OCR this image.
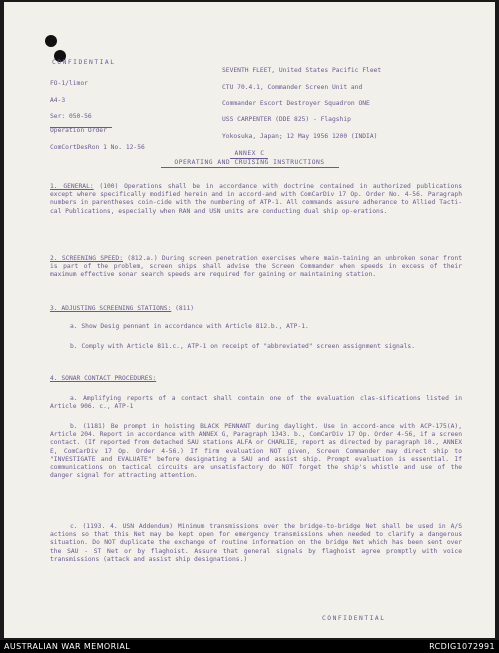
CONFIDENTIAL

FO-1/limor

A4-3

Ser: 050-56

SEVENTH FLEET, United States Pacific Fleet

CTU 70.4.1, Commander Screen Unit and

Commander Escort Destroyer Squadron ONE

USS CARPENTER (DDE 825) - Flagship

Yokosuka, Japan; 12 May 1956 1200 (INDIA)

Operation Order

ComCortDesRon 1 No. 12-56

ANNEX C
OPERATING AND CRUISING INSTRUCTIONS
1. GENERAL: (100) Operations shall be in accordance with doctrine contained in authorized publications except where specifically modified herein and in accord-and with ComCarDiv 17 Op. Order No. 4-56. Paragraph numbers in parentheses coin-cide with the numbering of ATP-1. All commands assure adherance to Allied Tacti-cal Publications, especially when RAN and USN units are conducting dual ship op-erations.
2. SCREENING SPEED: (812.a.) During screen penetration exercises where main-taining an unbroken sonar front is part of the problem, screen ships shall advise the Screen Commander when speeds in excess of their maximum effective sonar search speeds are required for gaining or maintaining station.
3. ADJUSTING SCREENING STATIONS: (811)
a. Show Desig pennant in accordance with Article 812.b., ATP-1.
b. Comply with Article 811.c., ATP-1 on receipt of "abbreviated" screen assignment signals.
4. SONAR CONTACT PROCEDURES:
a. Amplifying reports of a contact shall contain one of the evaluation clas-sifications listed in Article 906. c., ATP-1
b. (1181) Be prompt in hoisting BLACK PENNANT during daylight. Use in accord-ance with ACP-175(A), Article 204. Report in accordance with ANNEX G, Paragraph 1343. b., ComCarDiv 17 Op. Order 4-56, if a screen contact. (If reported from detached SAU stations ALFA or CHARLIE, report as directed by paragraph 10., ANNEX E, ComCarDiv 17 Op. Order 4-56.) If firm evaluation NOT given, Screen Commander may direct ship to "INVESTIGATE and EVALUATE" before designating a SAU and assist ship. Prompt evaluation is essential. If communications on tactical circuits are unsatisfactory do NOT forget the ship's whistle and use of the danger signal for attracting attention.
c. (1193. 4. USN Addendum) Minimum transmissions over the bridge-to-bridge Net shall be used in A/S actions so that this Net may be kept open for emergency transmissions when needed to clarify a dangerous situation. Do NOT duplicate the exchange of routine information on the bridge Net which has been sent over the SAU - ST Net or by flaghoist. Assure that general signals by flaghoist agree promptly with voice transmissions (attack and assist ship designations.)
CONFIDENTIAL
AUSTRALIAN WAR MEMORIAL	RCDIG1072991
